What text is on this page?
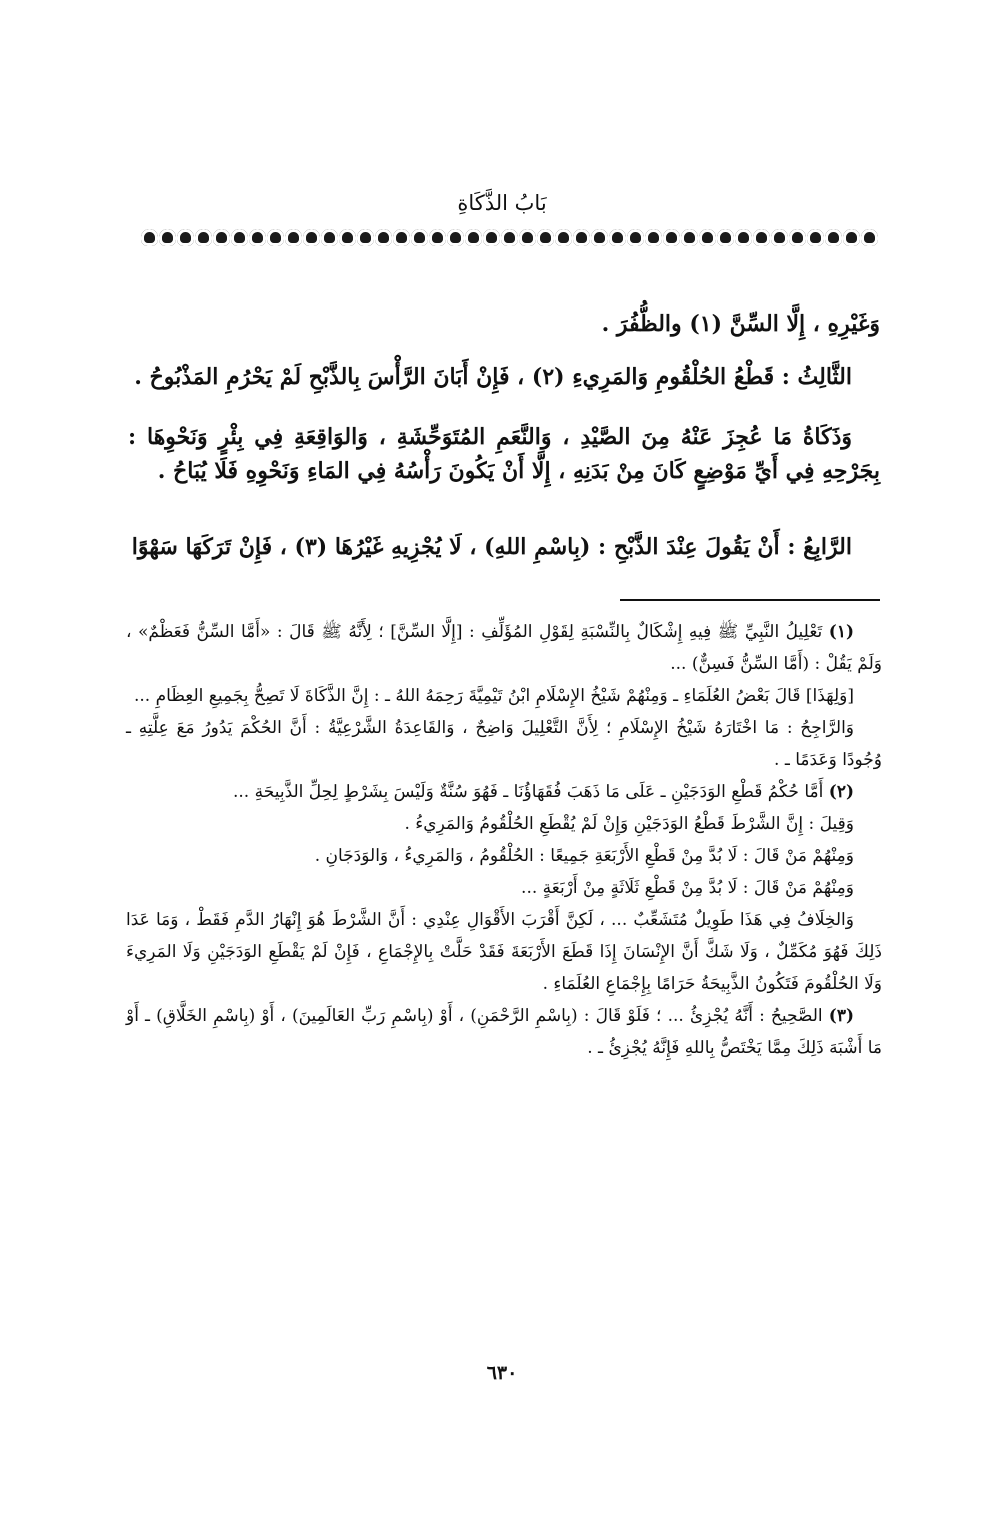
بَابُ الذَّكَاةِ

وَغَيْرِهِ ، إِلَّا السِّنَّ (١) والظُّفُرَ .

الثَّالِثُ : قَطْعُ الحُلْقُومِ وَالمَرِيءِ (٢) ، فَإِنْ أَبَانَ الرَّأْسَ بِالذَّبْحِ لَمْ يَحْرُمِ المَذْبُوحُ .

وَذَكَاةُ مَا عُجِزَ عَنْهُ مِنَ الصَّيْدِ ، وَالنَّعَمِ المُتَوَحِّشَةِ ، وَالوَاقِعَةِ فِي بِئْرٍ وَنَحْوِهَا : بِجَرْحِهِ فِي أَيِّ مَوْضِعٍ كَانَ مِنْ بَدَنِهِ ، إِلَّا أَنْ يَكُونَ رَأْسُهُ فِي المَاءِ وَنَحْوِهِ فَلَا يُبَاحُ .

الرَّابِعُ : أَنْ يَقُولَ عِنْدَ الذَّبْحِ : (بِاسْمِ اللهِ) ، لَا يُجْزِيهِ غَيْرُهَا (٣) ، فَإِنْ تَرَكَهَا سَهْوًا

(١) تَعْلِيلُ النَّبِيِّ ﷺ فِيهِ إِشْكَالٌ بِالنِّسْبَةِ لِقَوْلِ المُؤَلِّفِ : [إِلَّا السِّنَّ] ؛ لِأَنَّهُ ﷺ قَالَ : «أَمَّا السِّنُّ فَعَظْمٌ» ، وَلَمْ يَقُلْ : (أَمَّا السِّنُّ فَسِنٌّ) ...

[وَلِهَذَا] قَالَ بَعْضُ العُلَمَاءِ ـ وَمِنْهُمْ شَيْخُ الإِسْلَامِ ابْنُ تَيْمِيَّةَ رَحِمَهُ اللهُ ـ : إِنَّ الذَّكَاةَ لَا تَصِحُّ بِجَمِيعِ العِظَامِ ...

وَالرَّاجِحُ : مَا اخْتَارَهُ شَيْخُ الإِسْلَامِ ؛ لِأَنَّ التَّعْلِيلَ وَاضِحٌ ، وَالقَاعِدَةُ الشَّرْعِيَّةُ : أَنَّ الحُكْمَ يَدُورُ مَعَ عِلَّتِهِ ـ وُجُودًا وَعَدَمًا ـ .

(٢) أَمَّا حُكْمُ قَطْعِ الوَدَجَيْنِ ـ عَلَى مَا ذَهَبَ فُقَهَاؤُنَا ـ فَهُوَ سُنَّةٌ وَلَيْسَ بِشَرْطٍ لِحِلِّ الذَّبِيحَةِ ...

وَقِيلَ : إِنَّ الشَّرْطَ قَطْعُ الوَدَجَيْنِ وَإِنْ لَمْ يُقْطَعِ الحُلْقُومُ وَالمَرِيءُ .

وَمِنْهُمْ مَنْ قَالَ : لَا بُدَّ مِنْ قَطْعِ الأَرْبَعَةِ جَمِيعًا : الحُلْقُومُ ، وَالمَرِيءُ ، وَالوَدَجَانِ .

وَمِنْهُمْ مَنْ قَالَ : لَا بُدَّ مِنْ قَطْعِ ثَلَاثَةٍ مِنْ أَرْبَعَةٍ ...

وَالخِلَافُ فِي هَذَا طَوِيلٌ مُتَشَعِّبٌ ... ، لَكِنَّ أَقْرَبَ الأَقْوَالِ عِنْدِي : أَنَّ الشَّرْطَ هُوَ إِنْهَارُ الدَّمِ فَقَطْ ، وَمَا عَدَا ذَلِكَ فَهُوَ مُكَمِّلٌ ، وَلَا شَكَّ أَنَّ الإِنْسَانَ إِذَا قَطَعَ الأَرْبَعَةَ فَقَدْ حَلَّتْ بِالإِجْمَاعِ ، فَإِنْ لَمْ يَقْطَعِ الوَدَجَيْنِ وَلَا المَرِيءَ وَلَا الحُلْقُومَ فَتَكُونُ الذَّبِيحَةُ حَرَامًا بِإِجْمَاعِ العُلَمَاءِ .

(٣) الصَّحِيحُ : أَنَّهُ يُجْزِئُ ... ؛ فَلَوْ قَالَ : (بِاسْمِ الرَّحْمَنِ) ، أَوْ (بِاسْمِ رَبِّ العَالَمِينَ) ، أَوْ (بِاسْمِ الخَلَّاقِ) ـ أَوْ مَا أَشْبَهَ ذَلِكَ مِمَّا يَخْتَصُّ بِاللهِ فَإِنَّهُ يُجْزِئُ ـ .

٦٣٠
